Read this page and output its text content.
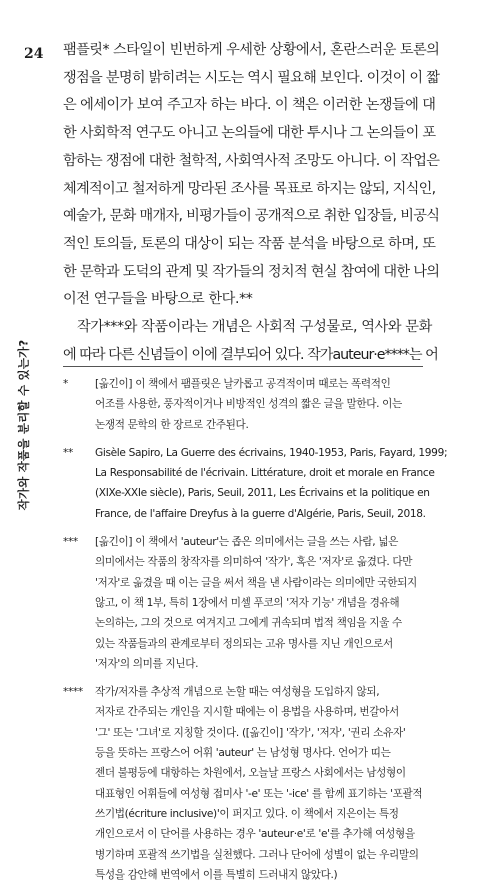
24
작가와 작품을 분리할 수 있는가?
팸플릿* 스타일이 빈번하게 우세한 상황에서, 혼란스러운 토론의
쟁점을 분명히 밝히려는 시도는 역시 필요해 보인다. 이것이 이 짧
은 에세이가 보여 주고자 하는 바다. 이 책은 이러한 논쟁들에 대
한 사회학적 연구도 아니고 논의들에 대한 투시나 그 논의들이 포
함하는 쟁점에 대한 철학적, 사회역사적 조망도 아니다. 이 작업은
체계적이고 철저하게 망라된 조사를 목표로 하지는 않되, 지식인,
예술가, 문화 매개자, 비평가들이 공개적으로 취한 입장들, 비공식
적인 토의들, 토론의 대상이 되는 작품 분석을 바탕으로 하며, 또
한 문학과 도덕의 관계 및 작가들의 정치적 현실 참여에 대한 나의
이전 연구들을 바탕으로 한다.**
작가***와 작품이라는 개념은 사회적 구성물로, 역사와 문화
에 따라 다른 신념들이 이에 결부되어 있다. 작가auteur·e****는 어
*	[옮긴이] 이 책에서 팸플릿은 날카롭고 공격적이며 때로는 폭력적인
어조를 사용한, 풍자적이거나 비방적인 성격의 짧은 글을 말한다. 이는
논쟁적 문학의 한 장르로 간주된다.
**	Gisèle Sapiro, La Guerre des écrivains, 1940-1953, Paris, Fayard, 1999;
La Responsabilité de l'écrivain. Littérature, droit et morale en France
(XIXe-XXIe siècle), Paris, Seuil, 2011, Les Écrivains et la politique en
France, de l'affaire Dreyfus à la guerre d'Algérie, Paris, Seuil, 2018.
***	[옮긴이] 이 책에서 'auteur'는 좁은 의미에서는 글을 쓰는 사람, 넓은
의미에서는 작품의 창작자를 의미하여 '작가', 혹은 '저자'로 옮겼다. 다만
'저자'로 옮겼을 때 이는 글을 써서 책을 낸 사람이라는 의미에만 국한되지
않고, 이 책 1부, 특히 1장에서 미셸 푸코의 '저자 기능' 개념을 경유해
논의하는, 그의 것으로 여겨지고 그에게 귀속되며 법적 책임을 지울 수
있는 작품들과의 관계로부터 정의되는 고유 명사를 지닌 개인으로서
'저자'의 의미를 지닌다.
****	작가/저자를 추상적 개념으로 논할 때는 여성형을 도입하지 않되,
저자로 간주되는 개인을 지시할 때에는 이 용법을 사용하며, 번갈아서
'그' 또는 '그녀'로 지칭할 것이다. ([옮긴이] '작가', '저자', '권리 소유자'
등을 뜻하는 프랑스어 어휘 'auteur' 는 남성형 명사다. 언어가 띠는
젠더 불평등에 대항하는 차원에서, 오늘날 프랑스 사회에서는 남성형이
대표형인 어휘들에 여성형 접미사 '-e' 또는 '-ice' 를 함께 표기하는 '포괄적
쓰기법(écriture inclusive)'이 퍼지고 있다. 이 책에서 지은이는 특정
개인으로서 이 단어를 사용하는 경우 'auteur·e'로 'e'를 추가해 여성형을
병기하며 포괄적 쓰기법을 실천했다. 그러나 단어에 성별이 없는 우리말의
특성을 감안해 번역에서 이를 특별히 드러내지 않았다.)
